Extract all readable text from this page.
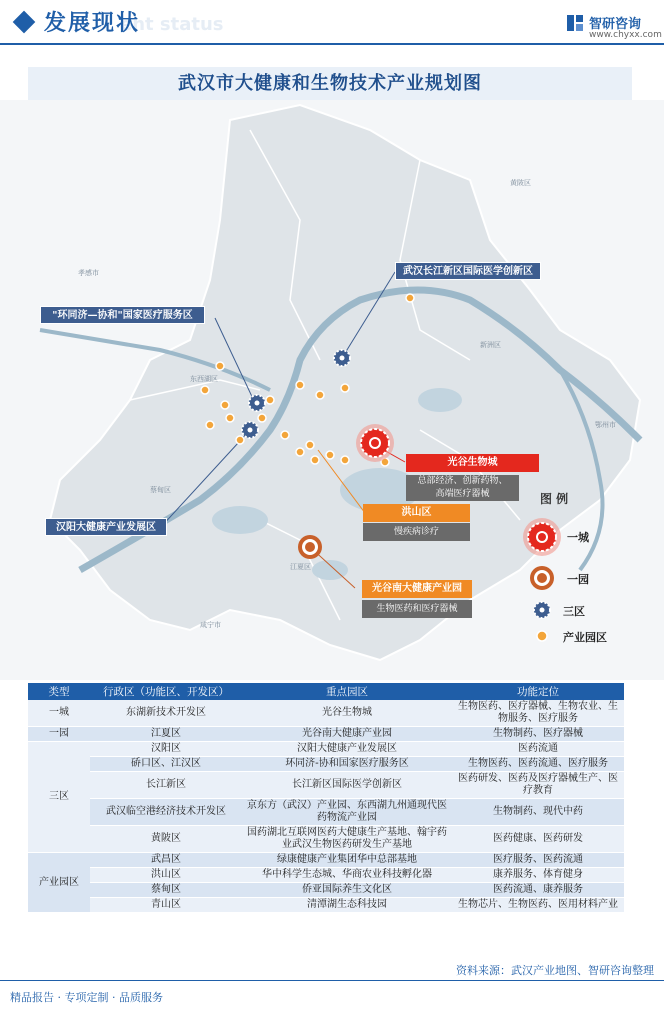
ent status
发展现状	智研咨询
www.chyxx.com
武汉市大健康和生物技术产业规划图
黄陂区
孝感市
新洲区
东西湖区
蔡甸区
江夏区
咸宁市
鄂州市
武汉长江新区国际医学创新区
"环同济—协和"国家医疗服务区
汉阳大健康产业发展区
光谷生物城
总部经济、创新药物、
高端医疗器械
洪山区
慢疾病诊疗
光谷南大健康产业园
生物医药和医疗器械
图 例
一城
一园
三区
产业园区
类型	行政区（功能区、开发区）	重点园区	功能定位
一城	东湖新技术开发区	光谷生物城	生物医药、医疗器械、生物农业、生物服务、医疗服务
一园	江夏区	光谷南大健康产业园	生物制药、医疗器械
三区	汉阳区	汉阳大健康产业发展区	医药流通
	硚口区、江汉区	环同济-协和国家医疗服务区	生物医药、医药流通、医疗服务
	长江新区	长江新区国际医学创新区	医药研发、医药及医疗器械生产、医疗教育
	武汉临空港经济技术开发区	京东方（武汉）产业园、东西湖九州通现代医药物流产业园	生物制药、现代中药
	黄陂区	国药湖北互联网医药大健康生产基地、翰宇药业武汉生物医药研发生产基地	医药健康、医药研发
产业园区	武昌区	绿康健康产业集团华中总部基地	医疗服务、医药流通
	洪山区	华中科学生态城、华商农业科技孵化器	康养服务、体育健身
	蔡甸区	侨亚国际养生文化区	医药流通、康养服务
	青山区	清潭湖生态科技园	生物芯片、生物医药、医用材料产业
资料来源：武汉产业地图、智研咨询整理
精品报告 · 专项定制 · 品质服务
